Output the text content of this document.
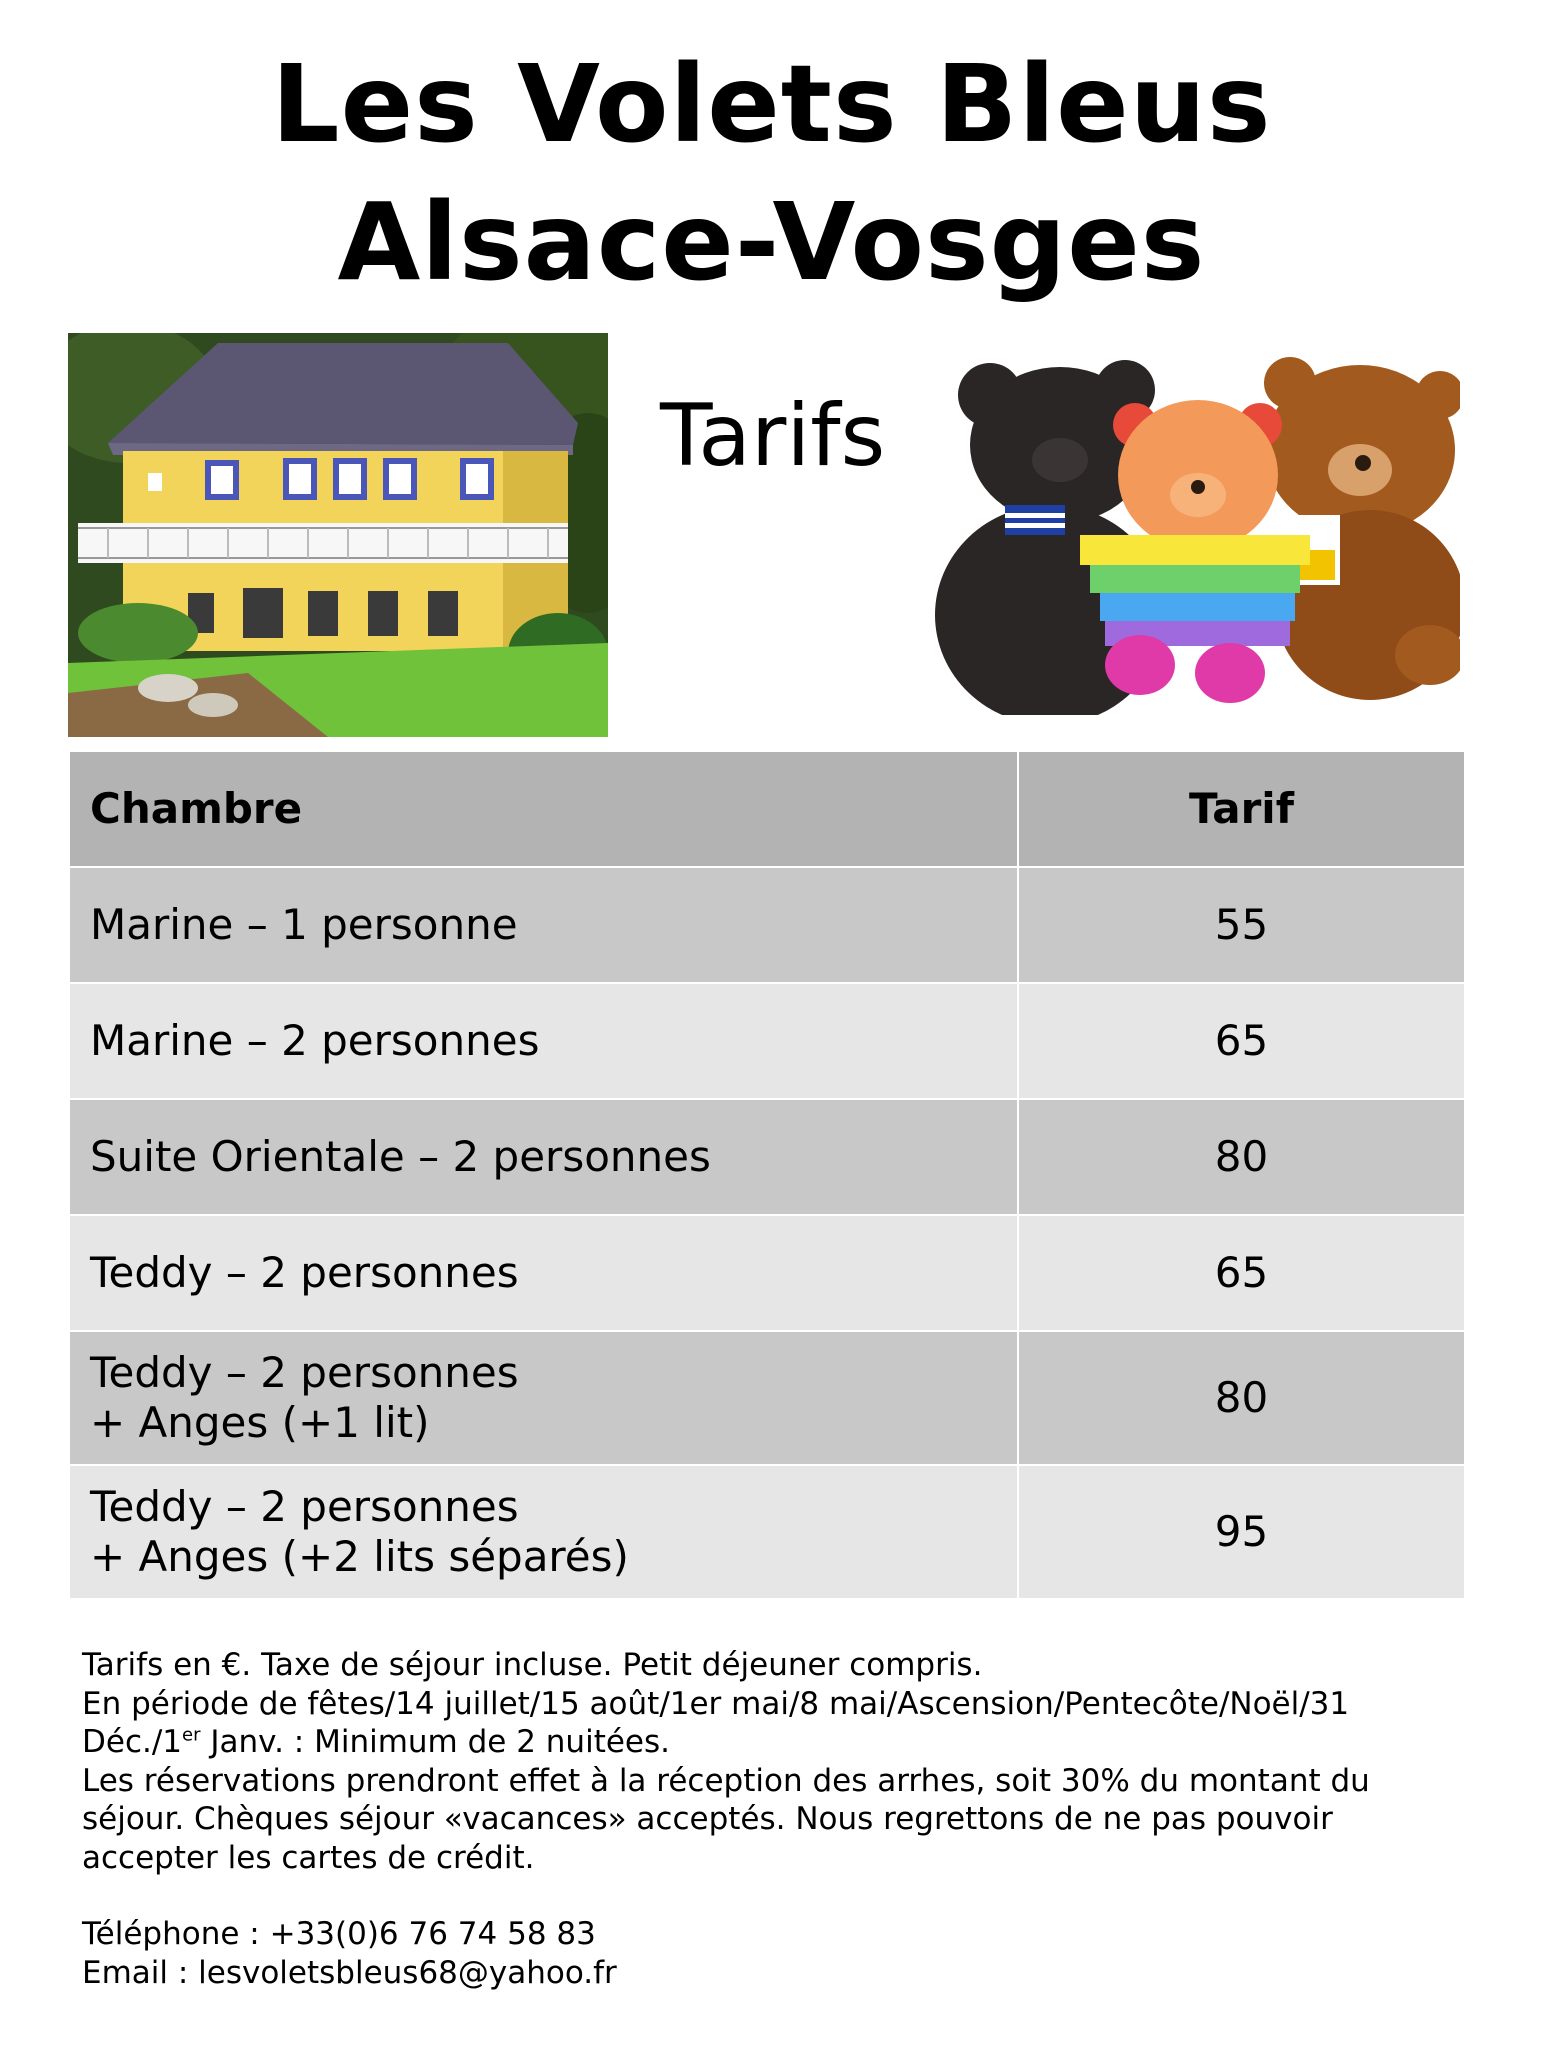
Les Volets Bleus
Alsace-Vosges
Tarifs
Chambre	Tarif

Marine – 1 personne	55

Marine – 2 personnes	65

Suite Orientale – 2 personnes	80

Teddy – 2 personnes	65

Teddy – 2 personnes
+ Anges (+1 lit)	80

Teddy – 2 personnes
+ Anges (+2 lits séparés)	95

Tarifs en €. Taxe de séjour incluse. Petit déjeuner compris.

En période de fêtes/14 juillet/15 août/1er mai/8 mai/Ascension/Pentecôte/Noël/31

Déc./1er Janv. : Minimum de 2 nuitées.

Les réservations prendront effet à la réception des arrhes, soit 30% du montant du

séjour. Chèques séjour «vacances» acceptés. Nous regrettons de ne pas pouvoir

accepter les cartes de crédit.

Téléphone : +33(0)6 76 74 58 83

Email : lesvoletsbleus68@yahoo.fr
